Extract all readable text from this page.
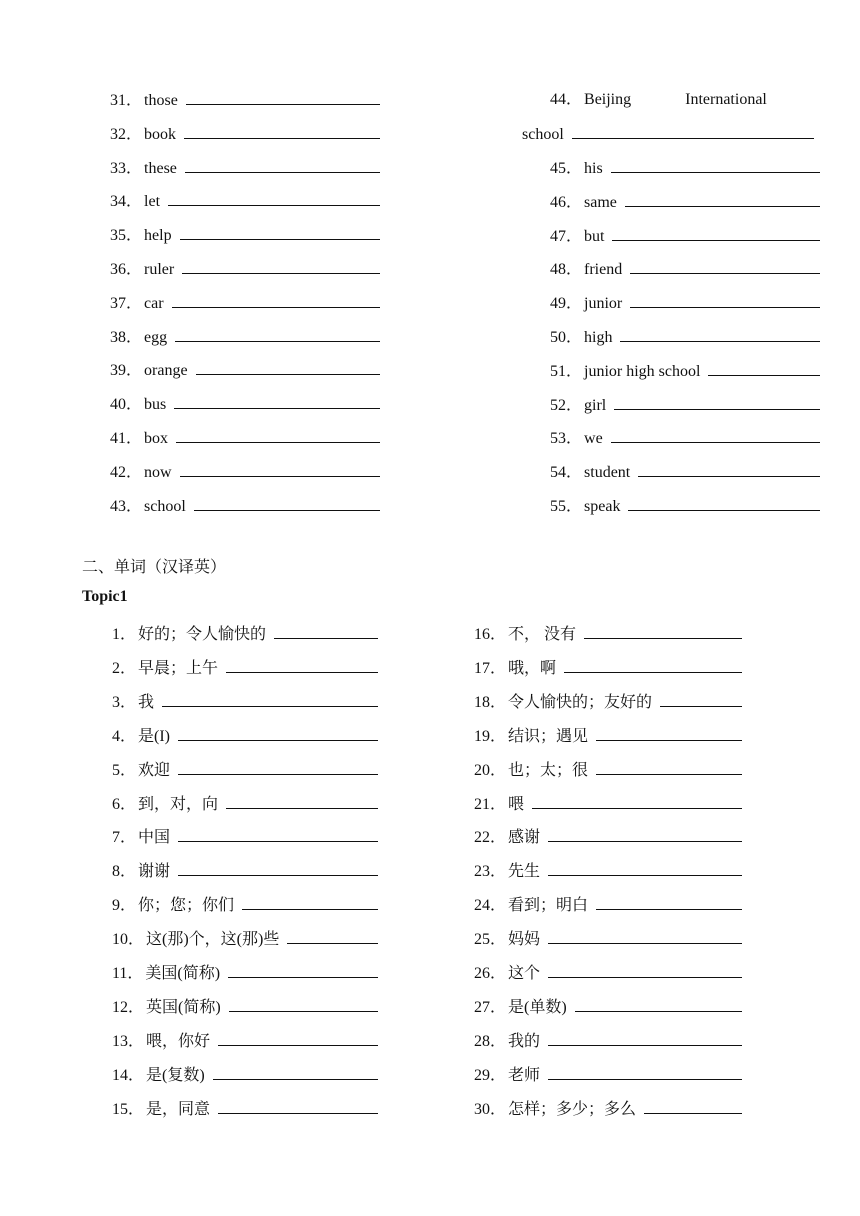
31． those
32． book
33． these
34． let
35． help
36． ruler
37． car
38． egg
39． orange
40． bus
41． box
42． now
43． school
44． Beijing	International
school
45． his
46． same
47． but
48． friend
49． junior
50． high
51． junior high school
52． girl
53． we
54． student
55． speak
二、单词（汉译英）
Topic1
1． 好的；令人愉快的
2． 早晨；上午
3． 我
4． 是(I)
5． 欢迎
6． 到，对，向
7． 中国
8． 谢谢
9． 你；您；你们
10． 这(那)个，这(那)些
11． 美国(简称)
12． 英国(简称)
13． 喂，你好
14． 是(复数)
15． 是，同意
16． 不， 没有
17． 哦，啊
18． 令人愉快的；友好的
19． 结识；遇见
20． 也；太；很
21． 喂
22． 感谢
23． 先生
24． 看到；明白
25． 妈妈
26． 这个
27． 是(单数)
28． 我的
29． 老师
30． 怎样；多少；多么
